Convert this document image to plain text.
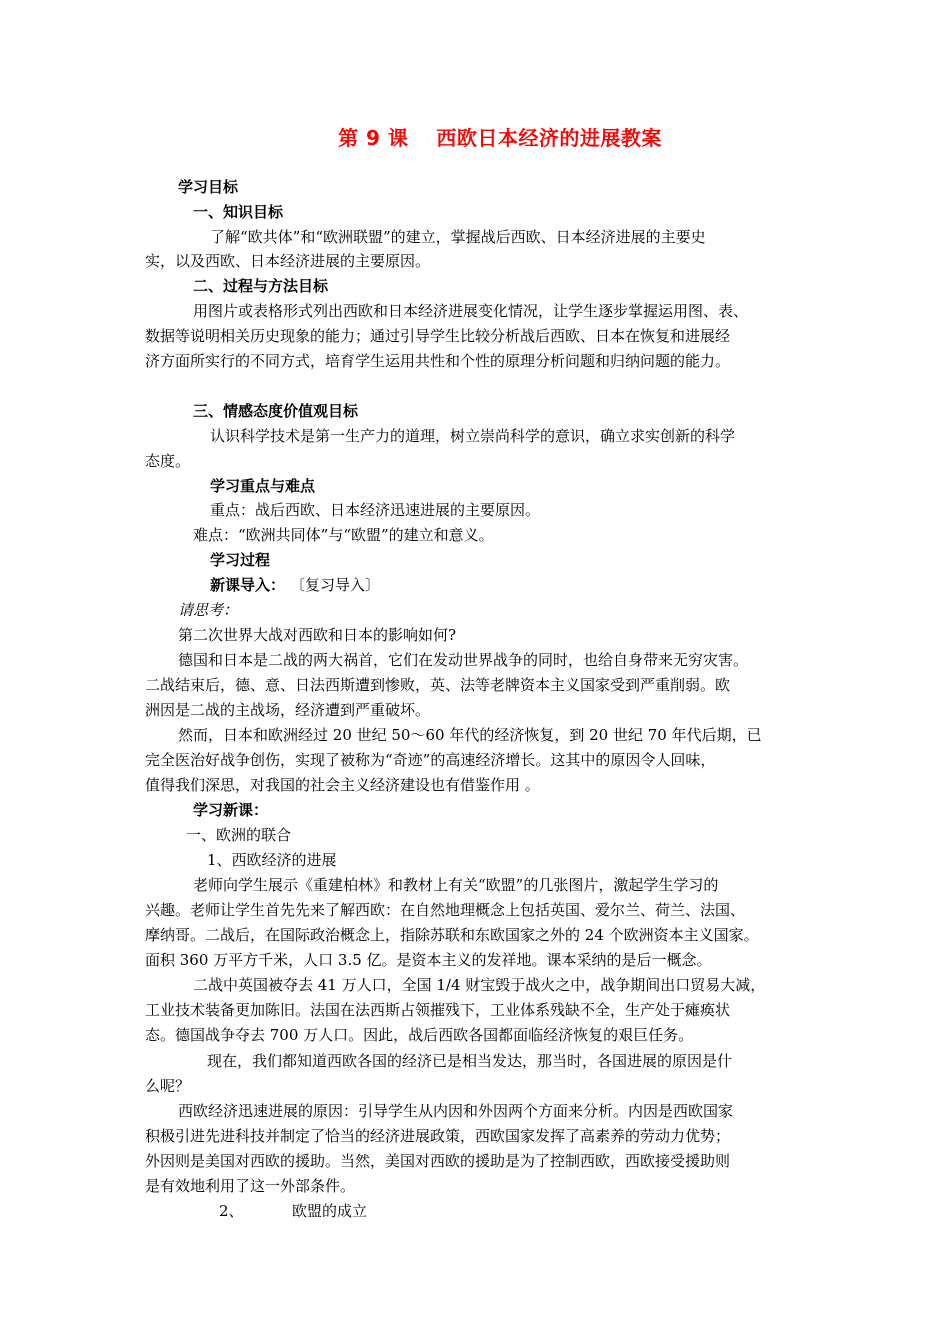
第 9 课　 西欧日本经济的进展教案
学习目标
一、知识目标
了解“欧共体”和“欧洲联盟”的建立，掌握战后西欧、日本经济进展的主要史
实，以及西欧、日本经济进展的主要原因。
二、过程与方法目标
用图片或表格形式列出西欧和日本经济进展变化情况，让学生逐步掌握运用图、表、
数据等说明相关历史现象的能力；通过引导学生比较分析战后西欧、日本在恢复和进展经
济方面所实行的不同方式，培育学生运用共性和个性的原理分析问题和归纳问题的能力。
三、情感态度价值观目标
认识科学技术是第一生产力的道理，树立崇尚科学的意识，确立求实创新的科学
态度。
学习重点与难点
重点：战后西欧、日本经济迅速进展的主要原因。
难点：“欧洲共同体”与“欧盟”的建立和意义。
学习过程
新课导入： 〔复习导入〕
请思考：
第二次世界大战对西欧和日本的影响如何?
德国和日本是二战的两大祸首，它们在发动世界战争的同时，也给自身带来无穷灾害。
二战结束后，德、意、日法西斯遭到惨败，英、法等老牌资本主义国家受到严重削弱。欧
洲因是二战的主战场，经济遭到严重破坏。
然而，日本和欧洲经过 20 世纪 50～60 年代的经济恢复，到 20 世纪 70 年代后期，已
完全医治好战争创伤，实现了被称为“奇迹”的高速经济增长。这其中的原因令人回味，
值得我们深思，对我国的社会主义经济建设也有借鉴作用 。
学习新课：
一、欧洲的联合
1、西欧经济的进展
老师向学生展示《重建柏林》和教材上有关“欧盟”的几张图片，激起学生学习的
兴趣。老师让学生首先先来了解西欧：在自然地理概念上包括英国、爱尔兰、荷兰、法国、
摩纳哥。二战后，在国际政治概念上，指除苏联和东欧国家之外的 24 个欧洲资本主义国家。
面积 360 万平方千米，人口 3.5 亿。是资本主义的发祥地。课本采纳的是后一概念。
二战中英国被夺去 41 万人口，全国 1/4 财宝毁于战火之中，战争期间出口贸易大减，
工业技术装备更加陈旧。法国在法西斯占领摧残下，工业体系残缺不全，生产处于瘫痪状
态。德国战争夺去 700 万人口。因此，战后西欧各国都面临经济恢复的艰巨任务。
现在，我们都知道西欧各国的经济已是相当发达，那当时，各国进展的原因是什
么呢？
西欧经济迅速进展的原因：引导学生从内因和外因两个方面来分析。内因是西欧国家
积极引进先进科技并制定了恰当的经济进展政策，西欧国家发挥了高素养的劳动力优势；
外因则是美国对西欧的援助。当然，美国对西欧的援助是为了控制西欧，西欧接受援助则
是有效地利用了这一外部条件。
2、	欧盟的成立
